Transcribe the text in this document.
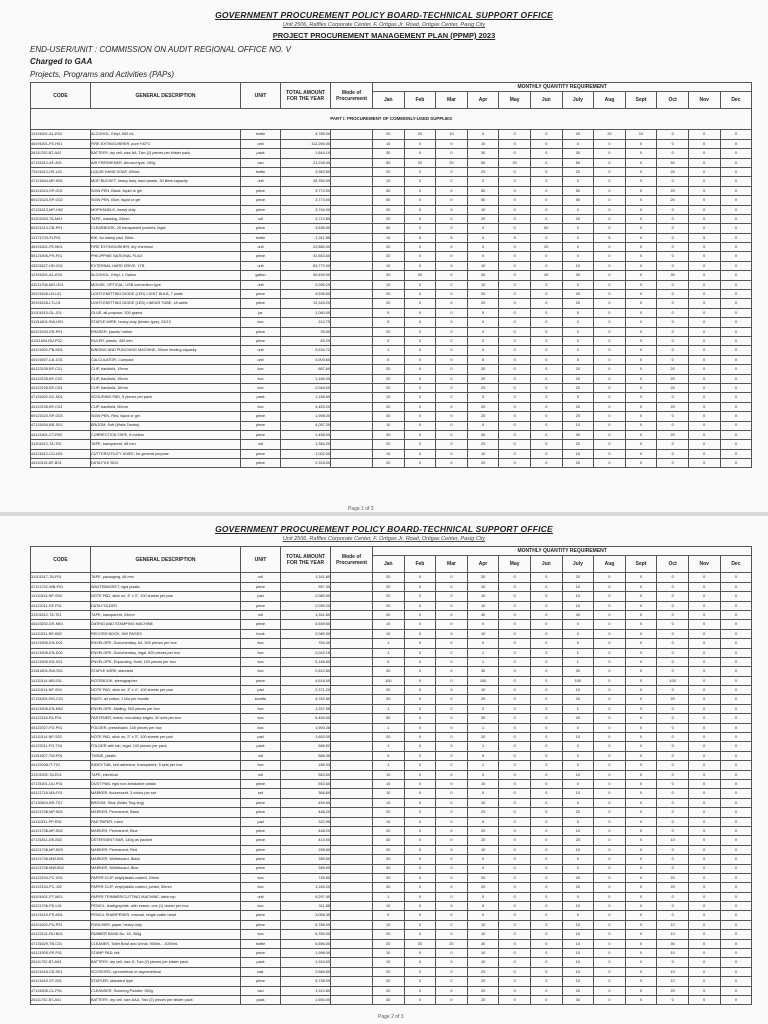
GOVERNMENT PROCUREMENT POLICY BOARD-TECHNICAL SUPPORT OFFICE
Unit 2506, Raffles Corporate Center, F. Ortigas Jr. Road, Ortigas Center, Pasig City
PROJECT PROCUREMENT MANAGEMENT PLAN (PPMP) 2023
END-USER/UNIT : COMMISSION ON AUDIT REGIONAL OFFICE NO. V
Charged to GAA
Projects, Programs and Activities (PAPs)
CODE	GENERAL DESCRIPTION	UNIT	TOTAL AMOUNT FOR THE YEAR	Mode of Procurement	MONTHLY QUANTITY REQUIREMENT											
					Jan	Feb	Mar	Apr	May	Jun	July	Aug	Sept	Oct	Nov	Dec
PART I: PROCUREMENT OF COMMONLY-USED SUPPLIES																
12191601-AL-E04	ALCOHOL, Ethyl, 500 mL	bottle	4,785.00		20	20	10	0	0	0	20	20	10	0	0	0
46191601-FE-H01	FIRE EXTINGUISHER, pure HCFC	unit	112,265.00		10	0	0	10	0	0	0	0	0	0	0	0
26111702-BT-A02	BATTERY, dry cell, size AA, Two (2) pieces per blister pack	pack	1,844.10		30	0	0	30	0	0	30	0	0	0	0	0
47131812-AF-A01	AIR FRESHENER, Aerosol type, 150g	can	21,226.40		50	20	20	50	20	0	50	0	0	50	0	0
73101612-HS-L01	LIQUID HAND SOAP, 500mL	bottle	3,983.50		20	0	0	20	0	0	20	0	0	20	0	0
47121804-MP-B01	MOP BUCKET, heavy duty, hard plastic, 30 liters capacity	unit	45,760.00		10	0	0	0	0	0	0	0	0	0	0	0
60121524-SP-G01	SIGN PEN, Black, liquid or gel	piece	3,774.00		50	0	0	50	0	0	50	0	0	20	0	0
60121524-SP-G02	SIGN PEN, Blue, liquid or gel	piece	3,774.00		50	0	0	50	0	0	50	0	0	20	0	0
47131613-MP-H02	MOPHANDLE, heavy duty	piece	3,744.00		20	0	0	10	0	0	0	0	0	0	0	0
31201503-TA-M01	TAPE, masking, 24mm	roll	3,712.80		20	0	0	20	0	0	20	0	0	0	0	0
60121413-CB-P01	CLEARBOOK, 20 transparent pockets, legal	piece	3,636.90		50	0	0	0	0	50	0	0	0	0	0	0
12171703-SI-P01	INK, for stamp pad, 50mL	bottle	1,011.85		10	5	5	0	5	0	0	5	0	0	5	0
46191601-FE-M01	FIRE EXTINGUISHER, dry chemical	unit	22,880.00		20	0	0	0	0	20	0	0	0	0	0	0
55121905-PH-F01	PHILIPPINE NATIONAL FLAG	piece	31,553.60		20	0	0	0	0	0	0	0	0	0	0	0
43201827-HD-X02	EXTERNAL HARD DRIVE, 1TB	unit	83,772.00		10	0	0	10	0	0	10	0	0	0	0	0
12191601-AL-E03	ALCOHOL, Ethyl, 1 Gallon	gallon	59,499.00		30	30	0	30	0	30	30	0	0	30	0	0
43211708-MO-O01	MOUSE, OPTICAL, USB connection type	unit	2,995.20		10	0	0	10	0	0	0	0	0	0	0	0
39101628-LB-L01	LIGHT-EMITTING DIODE (LED) LIGHT BULB, 7 watts	piece	4,536.60		20	0	0	20	0	0	20	0	0	0	0	0
39101628-LT-L01	LIGHT-EMITTING DIODE (LED) LINEAR TUBE, 18 watts	piece	12,349.20		20	0	0	20	0	0	20	0	0	0	0	0
31201610-GL-J01	GLUE, all-purpose, 200 grams	jar	1,060.00		5	0	0	5	0	0	5	0	0	0	0	0
31151804-SW-H01	STAPLE WIRE, heavy duty (binder type), 23/13	box	212.75		5	0	0	0	0	0	0	0	0	0	0	0
60121534-ER-P01	ERASER, plastic/ rubber	piece	39.40		20	0	0	0	0	0	0	0	0	0	0	0
41111604-RU-P02	RULER, plastic, 450 mm	piece	83.20		5	0	0	0	0	0	0	0	0	0	0	0
44101602-PB-M01	BINDING AND PUNCHING MACHINE, 50mm binding capacity	unit	9,534.72		1	0	0	0	0	0	0	0	0	0	0	0
44101807-CA-C01	CALCULATOR, Compact	unit	3,903.60		5	0	0	5	0	0	5	0	0	0	0	0
44122105-BF-C01	CLIP, backfold, 19mm	box	687.60		20	0	0	20	0	0	20	0	0	20	0	0
44122105-BF-C02	CLIP, backfold, 25mm	box	1,180.00		20	0	0	20	0	0	20	0	0	20	0	0
44122105-BF-C03	CLIP, backfold, 32mm	box	2,044.00		20	0	0	20	0	0	20	0	0	20	0	0
47131602-SC-N01	SCOURING PAD, 5 pieces per pack	pack	1,158.60		10	0	0	5	0	0	5	0	0	0	0	0
44122105-BF-C04	CLIP, backfold, 50mm	box	4,453.20		20	0	0	20	0	0	20	0	0	20	0	0
60121524-SP-G03	SIGN PEN, Red, liquid or gel	piece	1,998.00		30	0	0	20	0	0	20	0	0	0	0	0
47131604-BR-S01	BROOM, Soft (Walis Tambo)	piece	4,057.20		10	0	0	0	0	0	10	0	0	0	0	0
44121801-CT-R02	CORRECTION TAPE, 8 meters	piece	1,458.00		30	0	0	30	0	0	30	0	0	20	0	0
31201512-TA-T02	TAPE, transparent, 48 mm	roll	1,354.20		20	0	0	20	0	0	20	0	0	0	0	0
44121612-CU-H01	CUTTER/UTILITY KNIFE, for general purpose	piece	1,002.00		10	0	0	10	0	0	10	0	0	0	0	0
44111515-DF-B01	DATA FILE BOX	piece	2,316.00		20	0	0	20	0	0	20	0	0	0	0	0
Page 1 of 3
GOVERNMENT PROCUREMENT POLICY BOARD-TECHNICAL SUPPORT OFFICE
Unit 2506, Raffles Corporate Center, F. Ortigas Jr. Road, Ortigas Center, Pasig City
CODE	GENERAL DESCRIPTION	UNIT	TOTAL AMOUNT FOR THE YEAR	Mode of Procurement	MONTHLY QUANTITY REQUIREMENT											
					Jan	Feb	Mar	Apr	May	Jun	July	Aug	Sept	Oct	Nov	Dec
31201517-TA-P01	TAPE, packaging, 48 mm	roll	1,341.60		20	0	0	20	0	0	20	0	0	0	0	0
47121702-WB-P01	WASTEBASKET, rigid plastic	piece	957.30		20	0	0	10	0	0	10	0	0	0	0	0
14111514-NP-S03	NOTE PAD, stick on, 3" x 3", 100 sheets per pad	pad	2,080.00		20	0	0	10	0	0	10	0	0	0	0	0
44122011-DF-F01	DATA FOLDER	piece	2,059.20		20	0	0	10	0	0	10	0	0	0	0	0
31201512-TA-T01	TAPE, transparent, 24mm	roll	1,341.60		40	0	0	40	0	0	40	0	0	0	0	0
44103202-DS-M01	DATING AND STAMPING MACHINE	piece	4,539.60		10	0	0	0	0	0	0	0	0	0	0	0
14111531-RE-B02	RECORD BOOK, 500 PAGES	book	2,080.00		10	0	0	10	0	0	0	0	0	0	0	0
44121506-EN-D01	ENVELOPE, Documentary, A4, 500 pieces per box	box	764.40		1	0	0	0	0	0	0	0	0	0	0	0
44121506-EN-D02	ENVELOPE, Documentary, legal, 500 pieces per box	box	2,042.16		1	0	0	1	0	0	1	0	0	0	0	0
44121506-EN-X01	ENVELOPE, Expanding, Kraft, 100 pieces per box	box	5,168.80		5	0	0	1	0	0	1	0	0	0	0	0
31151804-SW-S01	STAPLE WIRE, standard	box	2,612.60		30	0	0	30	0	0	30	0	0	0	0	0
14111514-NB-S01	NOTEBOOK, stenographer	piece	4,618.00		100	0	0	100	0	0	100	0	0	100	0	0
14111514-NP-S04	NOTE PAD, stick on, 3" x 4", 100 sheets per pad	pad	2,371.20		20	0	0	10	0	0	10	0	0	0	0	0
47131501-RG-C01	RAGS, all cotton, 1 kilo per bundle	bundle	4,782.80		30	0	0	20	0	0	20	0	0	20	0	0
44121506-EN-M02	ENVELOPE, Mailing, 500 pieces per box	box	1,297.56		1	0	0	0	0	0	1	0	0	0	0	0
44122118-FA-P01	FASTENER, metal, non-sharp edges, 50 sets per box	box	6,464.00		50	0	0	30	0	0	20	0	0	0	0	0
44122027-FO-P01	FOLDER, pressboard, 100 pieces per box	box	1,900.28		1	0	0	1	0	0	0	0	0	0	0	0
14111514-NP-S02	NOTE PAD, stick on, 2" x 3", 100 sheets per pad	pad	1,653.00		20	0	0	20	0	0	10	0	0	0	0	0
44122011-FO-T04	FOLDER with tab, legal, 100 pieces per pack	pack	666.52		1	0	0	1	0	0	0	0	0	0	0	0
31151507-TW-P01	TWINE, plastic	roll	666.36		5	0	0	5	0	0	0	0	0	0	0	0
44122008-IT-T01	INDEX TAB, self-adhesive, transparent, 5 sets per box	box	189.33		1	0	0	1	0	0	0	0	0	0	0	0
31201502-TA-E01	TAPE, electrical	roll	583.50		10	0	0	0	0	0	10	0	0	0	0	0
47131601-DU-P01	DUST PAN, rigid non-breakable plastic	piece	552.60		10	0	0	10	0	0	0	0	0	0	0	0
44121716-MA-F01	MARKER, fluorescent, 3 colors per set	set	366.60		10	0	0	0	0	0	10	0	0	0	0	0
47130604-BR-T01	BROOM, Stick (Walis Ting-ting)	piece	459.60		10	0	0	10	0	0	0	0	0	0	0	0
44121708-MP-B01	MARKER, Permanent, Black	piece	448.20		20	0	0	20	0	0	20	0	0	0	0	0
14111531-PP-R01	PAD PAPER, ruled	pad	322.95		10	0	0	5	0	0	5	0	0	0	0	0
44121708-MP-B02	MARKER, Permanent, Blue	piece	448.20		20	0	0	20	0	0	10	0	0	0	0	0
47131811-DE-B02	DETERGENT BAR, 140g as packed	piece	415.00		30	0	0	20	0	0	20	0	0	10	0	0
44121708-MP-B03	MARKER, Permanent, Red	piece	298.80		20	0	0	10	0	0	10	0	0	0	0	0
44121708-MW-B01	MARKER, Whiteboard, Black	piece	289.50		30	0	0	0	0	0	0	0	0	0	0	0
44121708-MW-B02	MARKER, Whiteboard, Blue	piece	289.50		30	0	0	0	0	0	0	0	0	0	0	0
44122104-PC-G01	PAPER CLIP, vinyl/plastic coated, 33mm	box	745.80		30	0	0	20	0	0	20	0	0	20	0	0
44122104-PC-J02	PAPER CLIP, vinyl/plastic coated, jumbo, 50mm	box	1,240.20		30	0	0	20	0	0	20	0	0	20	0	0
44101601-PT-M01	PAPER TRIMMER/CUTTING MACHINE, table top	unit	9,297.40		1	0	0	0	0	0	0	0	0	0	0	0
44121706-PE-L01	PENCIL, lead/graphite, with eraser, one (1) dozen per box	box	311.85		10	0	0	5	0	0	10	0	0	0	0	0
44121619-PS-M01	PENCIL SHARPENER, manual, single cutter head	piece	3,066.35		5	0	0	0	0	0	0	0	0	0	0	0
44101602-PU-P01	PUNCHER, paper, heavy duty	piece	6,786.00		10	0	0	10	0	0	10	0	0	10	0	0
44122101-RU-B01	RUBBER BAND No. 18, 350g	box	6,760.00		20	0	0	10	0	0	10	0	0	10	0	0
47131829-TB-C01	CLEANER, Toilet Bowl and Urinal, 900mL - 1000mL	bottle	6,656.00		20	20	20	30	0	0	10	0	0	30	0	0
44121905-SP-F01	STAMP PAD, felt	piece	1,996.00		10	0	0	10	0	0	10	0	0	10	0	0
26111702-BT-A03	BATTERY, dry cell, size D, Two (2) pieces per blister pack	pack	1,924.00		10	0	0	10	0	0	10	0	0	0	0	0
44121618-SS-S01	SCISSORS, symmetrical or asymmetrical	pair	2,669.50		20	0	0	20	0	0	10	0	0	10	0	0
44121615-ST-S01	STAPLER, standard type	piece	5,736.00		20	0	0	20	0	0	10	0	0	10	0	0
47131805-CL-P01	CLEANSER, Scouring Powder, 350g	can	1,913.60		20	0	0	20	0	0	20	0	0	20	0	0
26111702-BT-A01	BATTERY, dry cell, size AAA, Two (2) pieces per blister pack	pack	1,650.00		30	0	0	20	0	0	30	0	0	0	0	0
Page 2 of 3
